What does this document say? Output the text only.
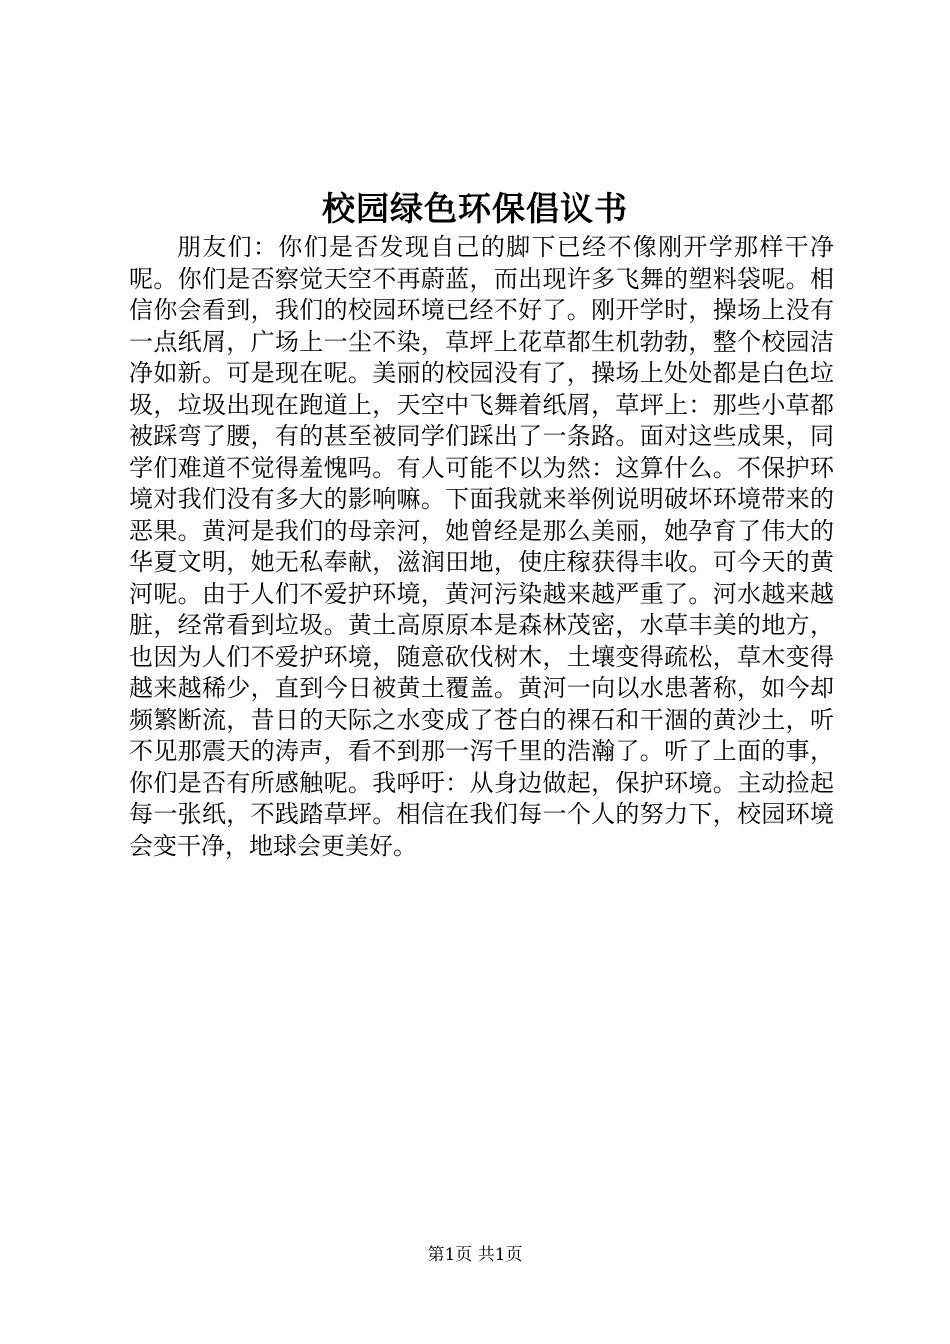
校园绿色环保倡议书

朋友们：你们是否发现自己的脚下已经不像刚开学那样干净呢。你们是否察觉天空不再蔚蓝，而出现许多飞舞的塑料袋呢。相信你会看到，我们的校园环境已经不好了。刚开学时，操场上没有一点纸屑，广场上一尘不染，草坪上花草都生机勃勃，整个校园洁净如新。可是现在呢。美丽的校园没有了，操场上处处都是白色垃圾，垃圾出现在跑道上，天空中飞舞着纸屑，草坪上：那些小草都被踩弯了腰，有的甚至被同学们踩出了一条路。面对这些成果，同学们难道不觉得羞愧吗。有人可能不以为然：这算什么。不保护环境对我们没有多大的影响嘛。下面我就来举例说明破坏环境带来的恶果。黄河是我们的母亲河，她曾经是那么美丽，她孕育了伟大的华夏文明，她无私奉献，滋润田地，使庄稼获得丰收。可今天的黄河呢。由于人们不爱护环境，黄河污染越来越严重了。河水越来越脏，经常看到垃圾。黄土高原原本是森林茂密，水草丰美的地方，也因为人们不爱护环境，随意砍伐树木，土壤变得疏松，草木变得越来越稀少，直到今日被黄土覆盖。黄河一向以水患著称，如今却频繁断流，昔日的天际之水变成了苍白的裸石和干涸的黄沙土，听不见那震天的涛声，看不到那一泻千里的浩瀚了。听了上面的事，你们是否有所感触呢。我呼吁：从身边做起，保护环境。主动捡起每一张纸，不践踏草坪。相信在我们每一个人的努力下，校园环境会变干净，地球会更美好。

第1页 共1页
